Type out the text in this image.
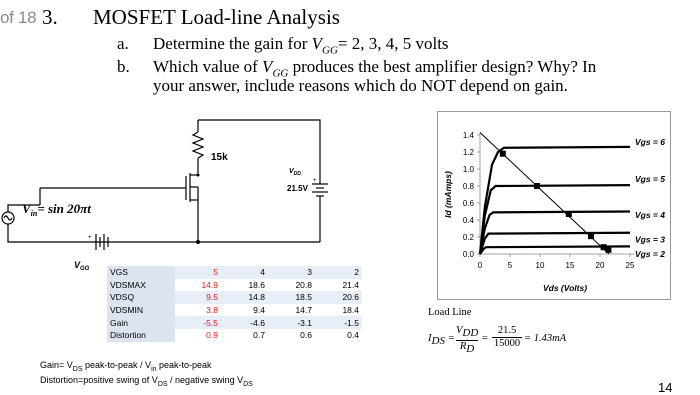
of 18 3. MOSFET Load-line Analysis
a. Determine the gain for $V_{GG}= 2$, 3, 4, 5 volts
b. Which value of $V_{GG}$ produces the best amplifier design? Why? In
your answer, include reasons which do NOT depend on gain.
15k
$V_{DD}$
21.5V
+
+
$V_{in}= \sin 20\pi t$
$V_{GG}$ VGS	5	4	3	2
VDSMAX	14.9	18.6	20.8	21.4
VDSQ	9.5	14.8	18.5	20.6
VDSMIN	3.8	9.4	14.7	18.4
Gain	-5.5	-4.6	-3.1	-1.5
Distortion	0.9	0.7	0.6	0.4
0.0
0.2
0.4
0.6
0.8
1.0
1.2
1.4
0	5	10	15	20	25
Vds (Volts)
Id (mAmps)
Vgs = 6
Vgs = 5
Vgs = 4
Vgs = 3
Vgs = 2
Load Line
$I_{DS}$ =
$V_{DD}$
$R_D$
=
21.5
15000 = 1.43mA
Gain= $V_{DS}$ peak-to-peak / $V_{in}$ peak-to-peak
Distortion=positive swing of $V_{DS}$ / negative swing $V_{DS}$	14
